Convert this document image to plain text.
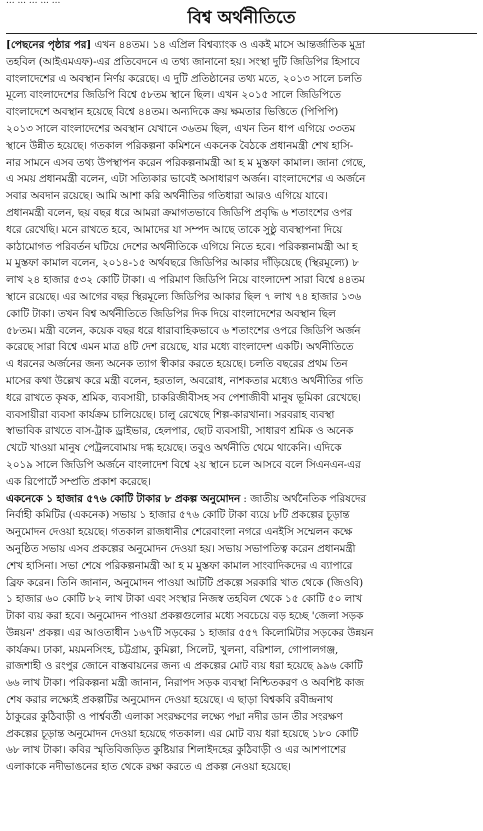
... ... ... ... ...
বিশ্ব অর্থনীতিতে
[পেছনের পৃষ্ঠার পর] এখন ৪৪তম। ১৪ এপ্রিল বিশ্বব্যাংক ও একই মাসে আন্তর্জাতিক মুদ্রা
তহবিল (আইএমএফ)-এর প্রতিবেদনে এ তথ্য জানানো হয়। সংস্থা দুটি জিডিপির হিসাবে
বাংলাদেশের এ অবস্থান নির্ণয় করেছে। এ দুটি প্রতিষ্ঠানের তথ্য মতে, ২০১৩ সালে চলতি
মূল্যে বাংলাদেশের জিডিপি বিশ্বে ৫৮তম স্থানে ছিল। এখন ২০১৫ সালে জিডিপিতে
বাংলাদেশে অবস্থান হয়েছে বিশ্বে ৪৪তম। অন্যদিকে ক্রয় ক্ষমতার ভিত্তিতে (পিপিপি)
২০১৩ সালে বাংলাদেশের অবস্থান যেখানে ৩৬তম ছিল, এখন তিন ধাপ এগিয়ে ৩৩তম
স্থানে উন্নীত হয়েছে। গতকাল পরিকল্পনা কমিশনে একনেক বৈঠকে প্রধানমন্ত্রী শেখ হাসি-
নার সামনে এসব তথ্য উপস্থাপন করেন পরিকল্পনামন্ত্রী আ হ ম মুস্তফা কামাল। জানা গেছে,
এ সময় প্রধানমন্ত্রী বলেন, এটা সত্যিকার ভাবেই অসাধারণ অর্জন। বাংলাদেশের এ অর্জনে
সবার অবদান রয়েছে। আমি আশা করি অর্থনীতির গতিধারা আরও এগিয়ে যাবে।
প্রধানমন্ত্রী বলেন, ছয় বছর ধরে আমরা ক্রমাগতভাবে জিডিপি প্রবৃদ্ধি ৬ শতাংশের ওপর
ধরে রেখেছি। মনে রাখতে হবে, আমাদের যা সম্পদ আছে তাকে সুষ্ঠু ব্যবস্থাপনা দিয়ে
কাঠামোগত পরিবর্তন ঘটিয়ে দেশের অর্থনীতিকে এগিয়ে নিতে হবে। পরিকল্পনামন্ত্রী আ হ
ম মুস্তফা কামাল বলেন, ২০১৪-১৫ অর্থবছরে জিডিপির আকার দাঁড়িয়েছে (স্থিরমূল্যে) ৮
লাখ ২৪ হাজার ৫৩২ কোটি টাকা। এ পরিমাণ জিডিপি নিয়ে বাংলাদেশ সারা বিশ্বে ৪৪তম
স্থানে রয়েছে। এর আগের বছর স্থিরমূল্যে জিডিপির আকার ছিল ৭ লাখ ৭৪ হাজার ১৩৬
কোটি টাকা। তখন বিশ্ব অর্থনীতিতে জিডিপির দিক দিয়ে বাংলাদেশের অবস্থান ছিল
৫৮তম। মন্ত্রী বলেন, কয়েক বছর ধরে ধারাবাহিকভাবে ৬ শতাংশের ওপরে জিডিপি অর্জন
করেছে সারা বিশ্বে এমন মাত্র ৪টি দেশ রয়েছে, যার মধ্যে বাংলাদেশ একটি। অর্থনীতিতে
এ ধরনের অর্জনের জন্য অনেক ত্যাগ স্বীকার করতে হয়েছে। চলতি বছরের প্রথম তিন
মাসের কথা উল্লেখ করে মন্ত্রী বলেন, হরতাল, অবরোধ, নাশকতার মধ্যেও অর্থনীতির গতি
ধরে রাখতে কৃষক, শ্রমিক, ব্যবসায়ী, চাকরিজীবীসহ সব পেশাজীবী মানুষ ভূমিকা রেখেছে।
ব্যবসায়ীরা ব্যবসা কার্যক্রম চালিয়েছে। চালু রেখেছে শিল্প-কারখানা। সরবরাহ ব্যবস্থা
স্বাভাবিক রাখতে বাস-ট্রাক ড্রাইভার, হেলপার, ছোট ব্যবসায়ী, সাধারণ শ্রমিক ও অনেক
খেটে খাওয়া মানুষ পেট্রলবোমায় দগ্ধ হয়েছে। তবুও অর্থনীতি থেমে থাকেনি। এদিকে
২০১৯ সালে জিডিপি অর্জনে বাংলাদেশ বিশ্বে ২য় স্থানে চলে আসবে বলে সিএনএন-এর
এক রিপোর্টে সম্প্রতি প্রকাশ করেছে।
একনেকে ১ হাজার ৫৭৬ কোটি টাকার ৮ প্রকল্প অনুমোদন : জাতীয় অর্থনৈতিক পরিষদের
নির্বাহী কমিটির (একনেক) সভায় ১ হাজার ৫৭৬ কোটি টাকা ব্যয়ে ৮টি প্রকল্পের চূড়ান্ত
অনুমোদন দেওয়া হয়েছে। গতকাল রাজধানীর শেরেবাংলা নগরে এনইসি সম্মেলন কক্ষে
অনুষ্ঠিত সভায় এসব প্রকল্পের অনুমোদন দেওয়া হয়। সভায় সভাপতিত্ব করেন প্রধানমন্ত্রী
শেখ হাসিনা। সভা শেষে পরিকল্পনামন্ত্রী আ হ ম মুস্তফা কামাল সাংবাদিকদের এ ব্যাপারে
ব্রিফ করেন। তিনি জানান, অনুমোদন পাওয়া আটটি প্রকল্পে সরকারি খাত থেকে (জিওবি)
১ হাজার ৬০ কোটি ৮২ লাখ টাকা এবং সংস্থার নিজস্ব তহবিল থেকে ১৫ কোটি ৫০ লাখ
টাকা ব্যয় করা হবে। অনুমোদন পাওয়া প্রকল্পগুলোর মধ্যে সবচেয়ে বড় হচ্ছে 'জেলা সড়ক
উন্নয়ন' প্রকল্প। এর আওতাধীন ১৬৭টি সড়কের ১ হাজার ৫৫৭ কিলোমিটার সড়কের উন্নয়ন
কার্যক্রম। ঢাকা, ময়মনসিংহ, চট্টগ্রাম, কুমিল্লা, সিলেট, খুলনা, বরিশাল, গোপালগঞ্জ,
রাজশাহী ও রংপুর জোনে বাস্তবায়নের জন্য এ প্রকল্পের মোট ব্যয় ধরা হয়েছে ৯৯৬ কোটি
৬৬ লাখ টাকা। পরিকল্পনা মন্ত্রী জানান, নিরাপদ সড়ক ব্যবস্থা নিশ্চিতকরণ ও অবশিষ্ট কাজ
শেষ করার লক্ষ্যেই প্রকল্পটির অনুমোদন দেওয়া হয়েছে। এ ছাড়া বিশ্বকবি রবীন্দ্রনাথ
ঠাকুরের কুঠিবাড়ী ও পার্শ্ববর্তী এলাকা সংরক্ষণের লক্ষ্যে পদ্মা নদীর ডান তীর সংরক্ষণ
প্রকল্পের চূড়ান্ত অনুমোদন দেওয়া হয়েছে গতকাল। এর মোট ব্যয় ধরা হয়েছে ১৮০ কোটি
৬৮ লাখ টাকা। কবির স্মৃতিবিজড়িত কুষ্টিয়ার শিলাইদহের কুঠিবাড়ী ও এর আশপাশের
এলাকাকে নদীভাঙনের হাত থেকে রক্ষা করতে এ প্রকল্প নেওয়া হয়েছে।
